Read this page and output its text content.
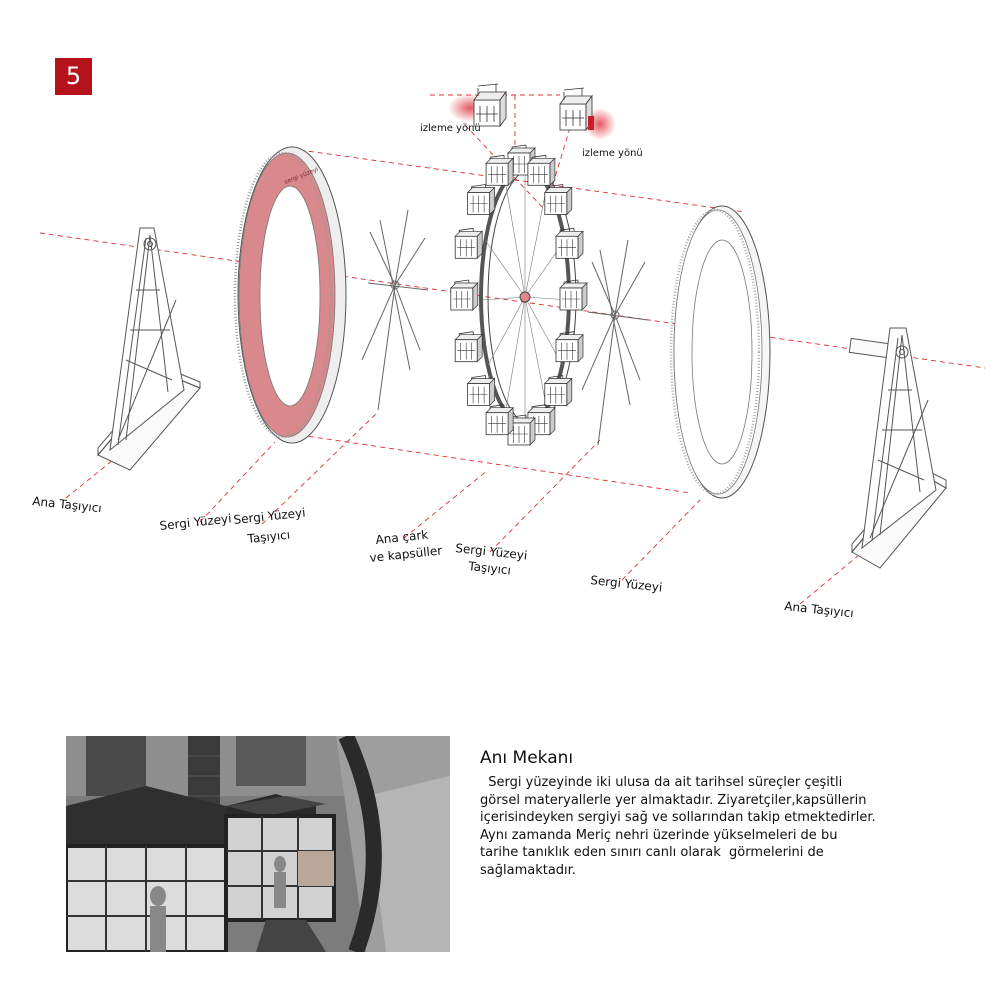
5
sergi yüzeyi
izleme yönü
izleme yönü
Ana Taşıyıcı
Sergi Yüzeyi Sergi Yüzeyi
Taşıyıcı	Ana çark
ve kapsüller Sergi Yüzeyi
Taşıyıcı
Sergi Yüzeyi
Ana Taşıyıcı
Anı Mekanı

Sergi yüzeyinde iki ulusa da ait tarihsel süreçler çeşitli
görsel materyallerle yer almaktadır. Ziyaretçiler,kapsüllerin
içerisindeyken sergiyi sağ ve sollarından takip etmektedirler.
Aynı zamanda Meriç nehri üzerinde yükselmeleri de bu
tarihe tanıklık eden sınırı canlı olarak  görmelerini de
sağlamaktadır.
